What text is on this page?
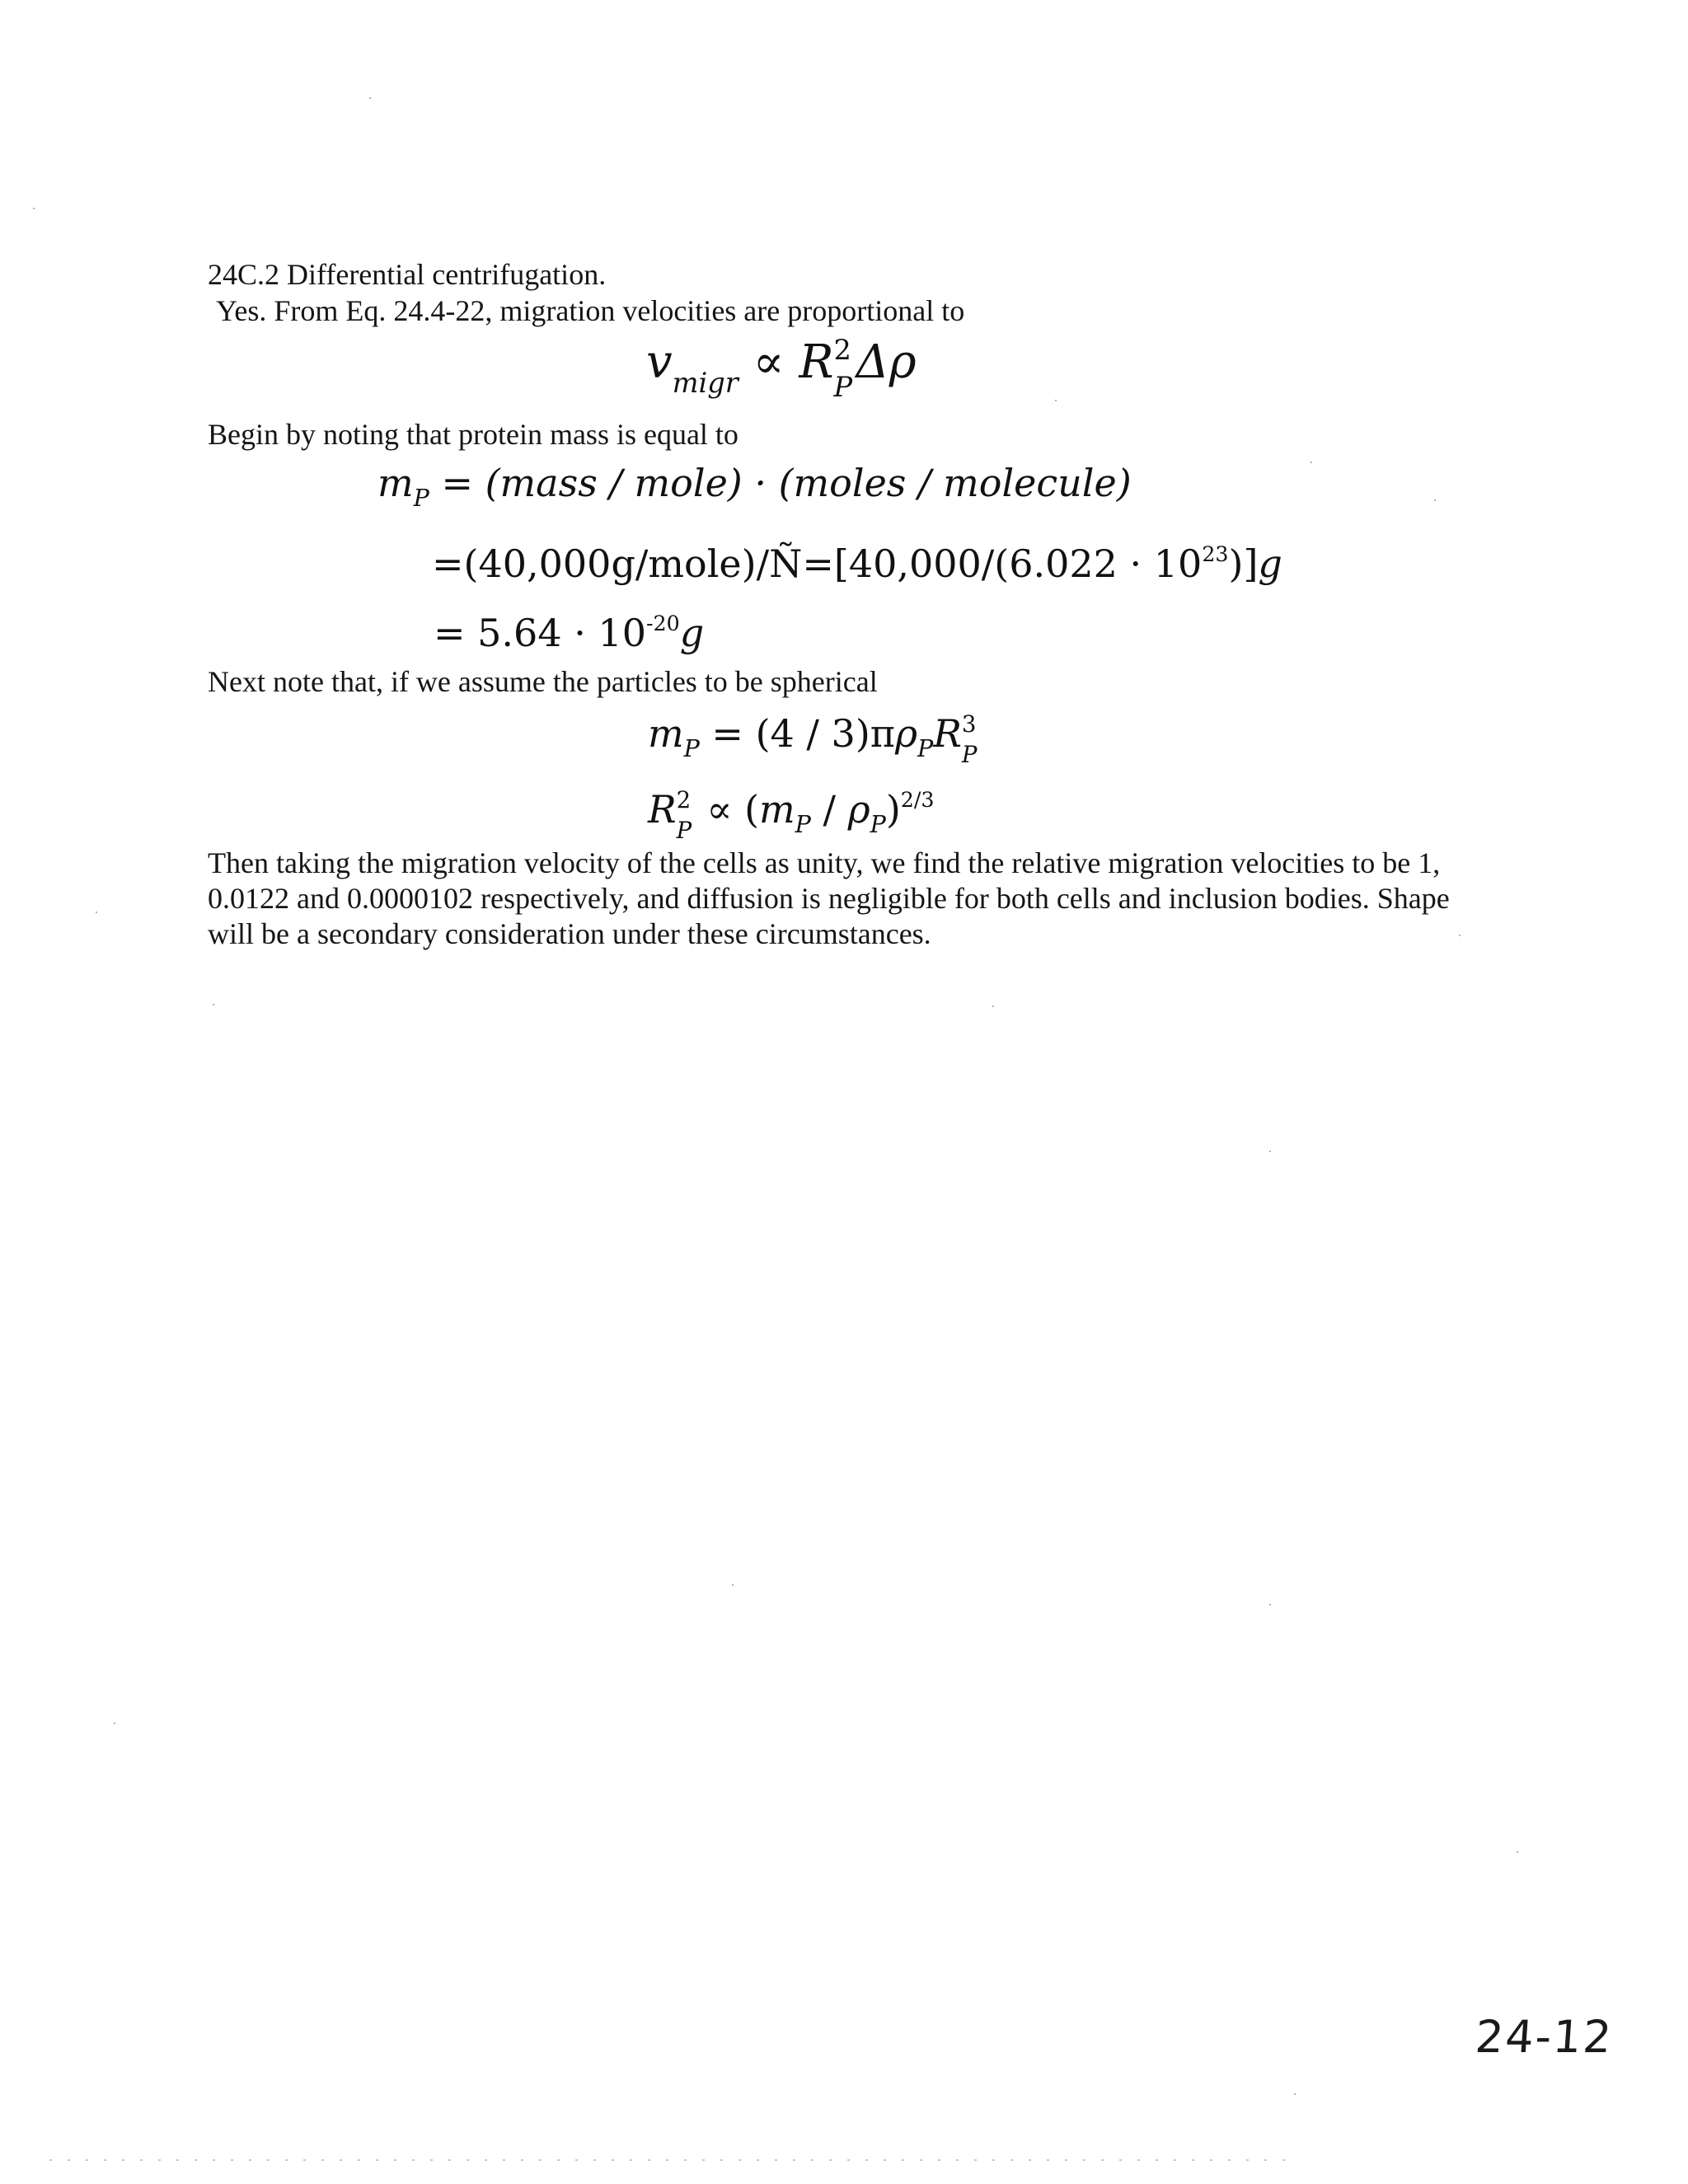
24C.2 Differential centrifugation.
Yes. From Eq. 24.4-22, migration velocities are proportional to
$v_{migr} \propto R$ 2
P Δρ
Begin by noting that protein mass is equal to
$m_P$ = (mass / mole) · (moles / molecule)
=(40,000g/mole)/Ñ=[40,000/(6.022 · $10^{23})]g$
= $5.64 \cdot 10^{-20}g$
Next note that, if we assume the particles to be spherical
$m_P = (4 / 3)\pi\rho_PR$ 3
P
R 2
$P \propto (m_P / \rho_P)^{2/3}$
Then taking the migration velocity of the cells as unity, we find the relative migration velocities to be 1, 0.0122 and 0.0000102 respectively, and diffusion is negligible for both cells and inclusion bodies. Shape will be a secondary consideration under these circumstances.
24-12
